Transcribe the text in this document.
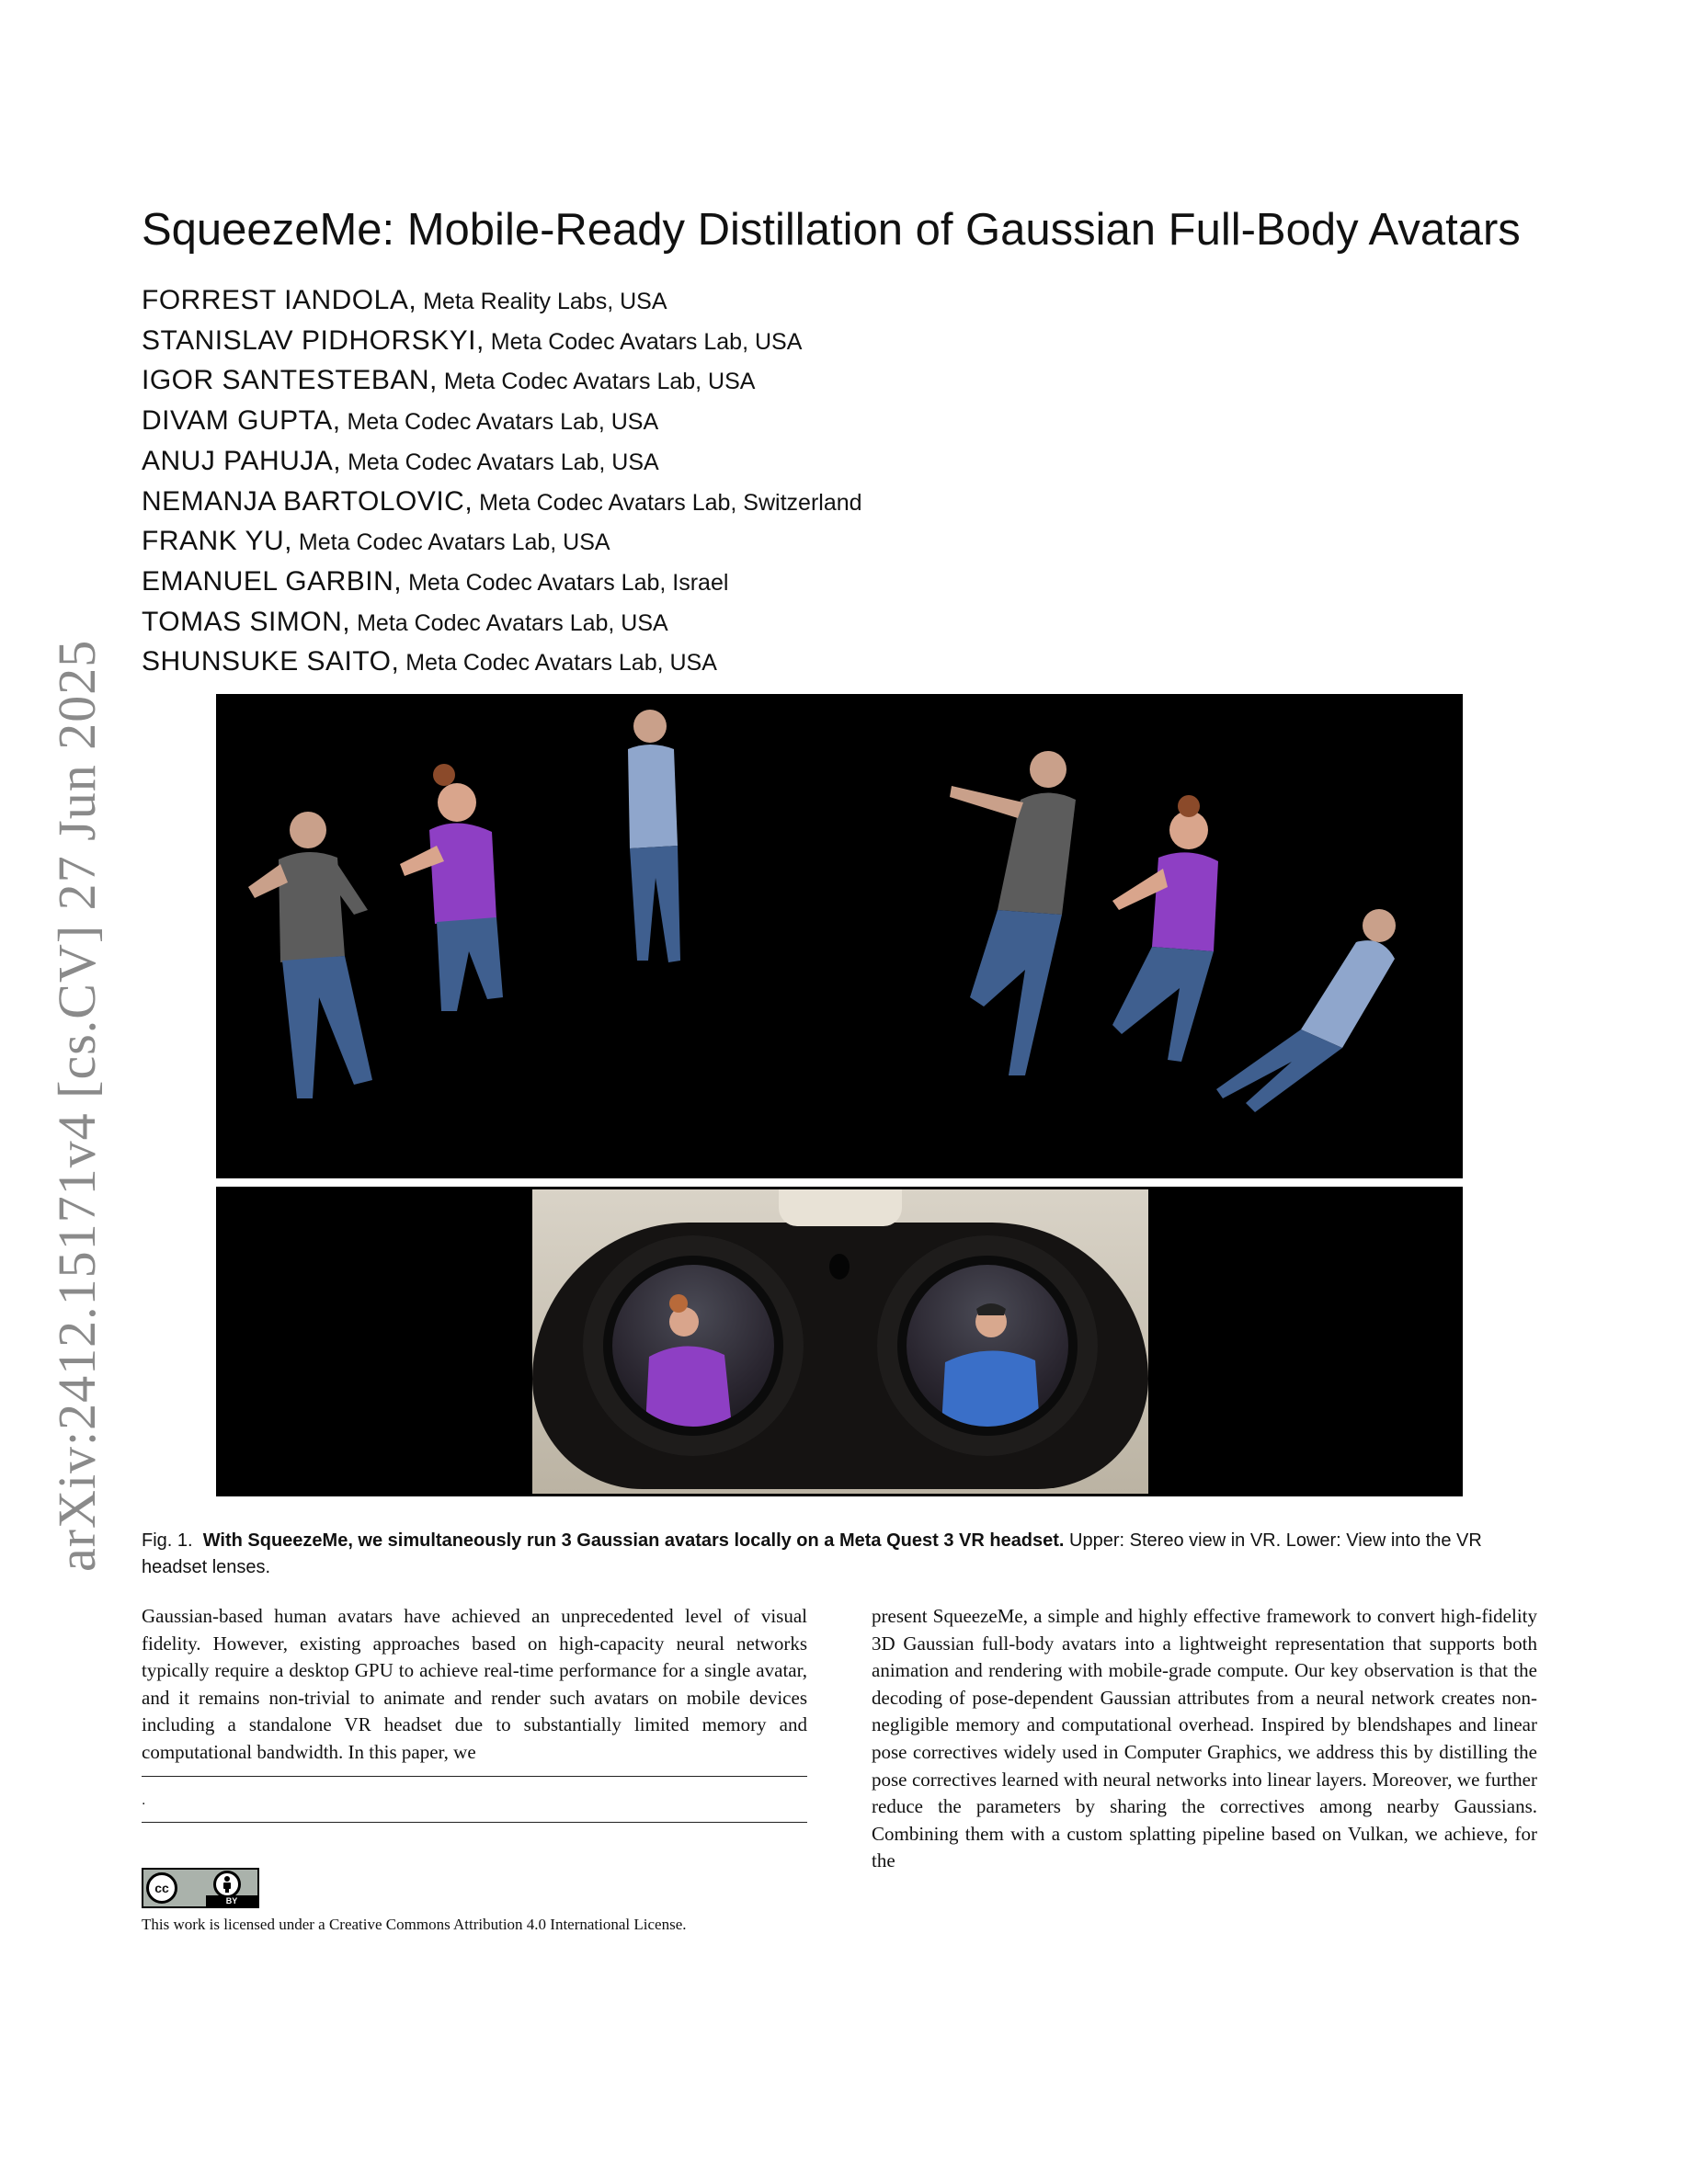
arXiv:2412.15171v4 [cs.CV] 27 Jun 2025
SqueezeMe: Mobile-Ready Distillation of Gaussian Full-Body Avatars
FORREST IANDOLA, Meta Reality Labs, USA
STANISLAV PIDHORSKYI, Meta Codec Avatars Lab, USA
IGOR SANTESTEBAN, Meta Codec Avatars Lab, USA
DIVAM GUPTA, Meta Codec Avatars Lab, USA
ANUJ PAHUJA, Meta Codec Avatars Lab, USA
NEMANJA BARTOLOVIC, Meta Codec Avatars Lab, Switzerland
FRANK YU, Meta Codec Avatars Lab, USA
EMANUEL GARBIN, Meta Codec Avatars Lab, Israel
TOMAS SIMON, Meta Codec Avatars Lab, USA
SHUNSUKE SAITO, Meta Codec Avatars Lab, USA
Fig. 1. With SqueezeMe, we simultaneously run 3 Gaussian avatars locally on a Meta Quest 3 VR headset. Upper: Stereo view in VR. Lower: View into the VR headset lenses.
Gaussian-based human avatars have achieved an unprecedented level of visual fidelity. However, existing approaches based on high-capacity neural networks typically require a desktop GPU to achieve real-time performance for a single avatar, and it remains non-trivial to animate and render such avatars on mobile devices including a standalone VR headset due to substantially limited memory and computational bandwidth. In this paper, we
present SqueezeMe, a simple and highly effective framework to convert high-fidelity 3D Gaussian full-body avatars into a lightweight representation that supports both animation and rendering with mobile-grade compute. Our key observation is that the decoding of pose-dependent Gaussian attributes from a neural network creates non-negligible memory and computational overhead. Inspired by blendshapes and linear pose correctives widely used in Computer Graphics, we address this by distilling the pose correctives learned with neural networks into linear layers. Moreover, we further reduce the parameters by sharing the correctives among nearby Gaussians. Combining them with a custom splatting pipeline based on Vulkan, we achieve, for the
.
cc
BY
This work is licensed under a Creative Commons Attribution 4.0 International License.
